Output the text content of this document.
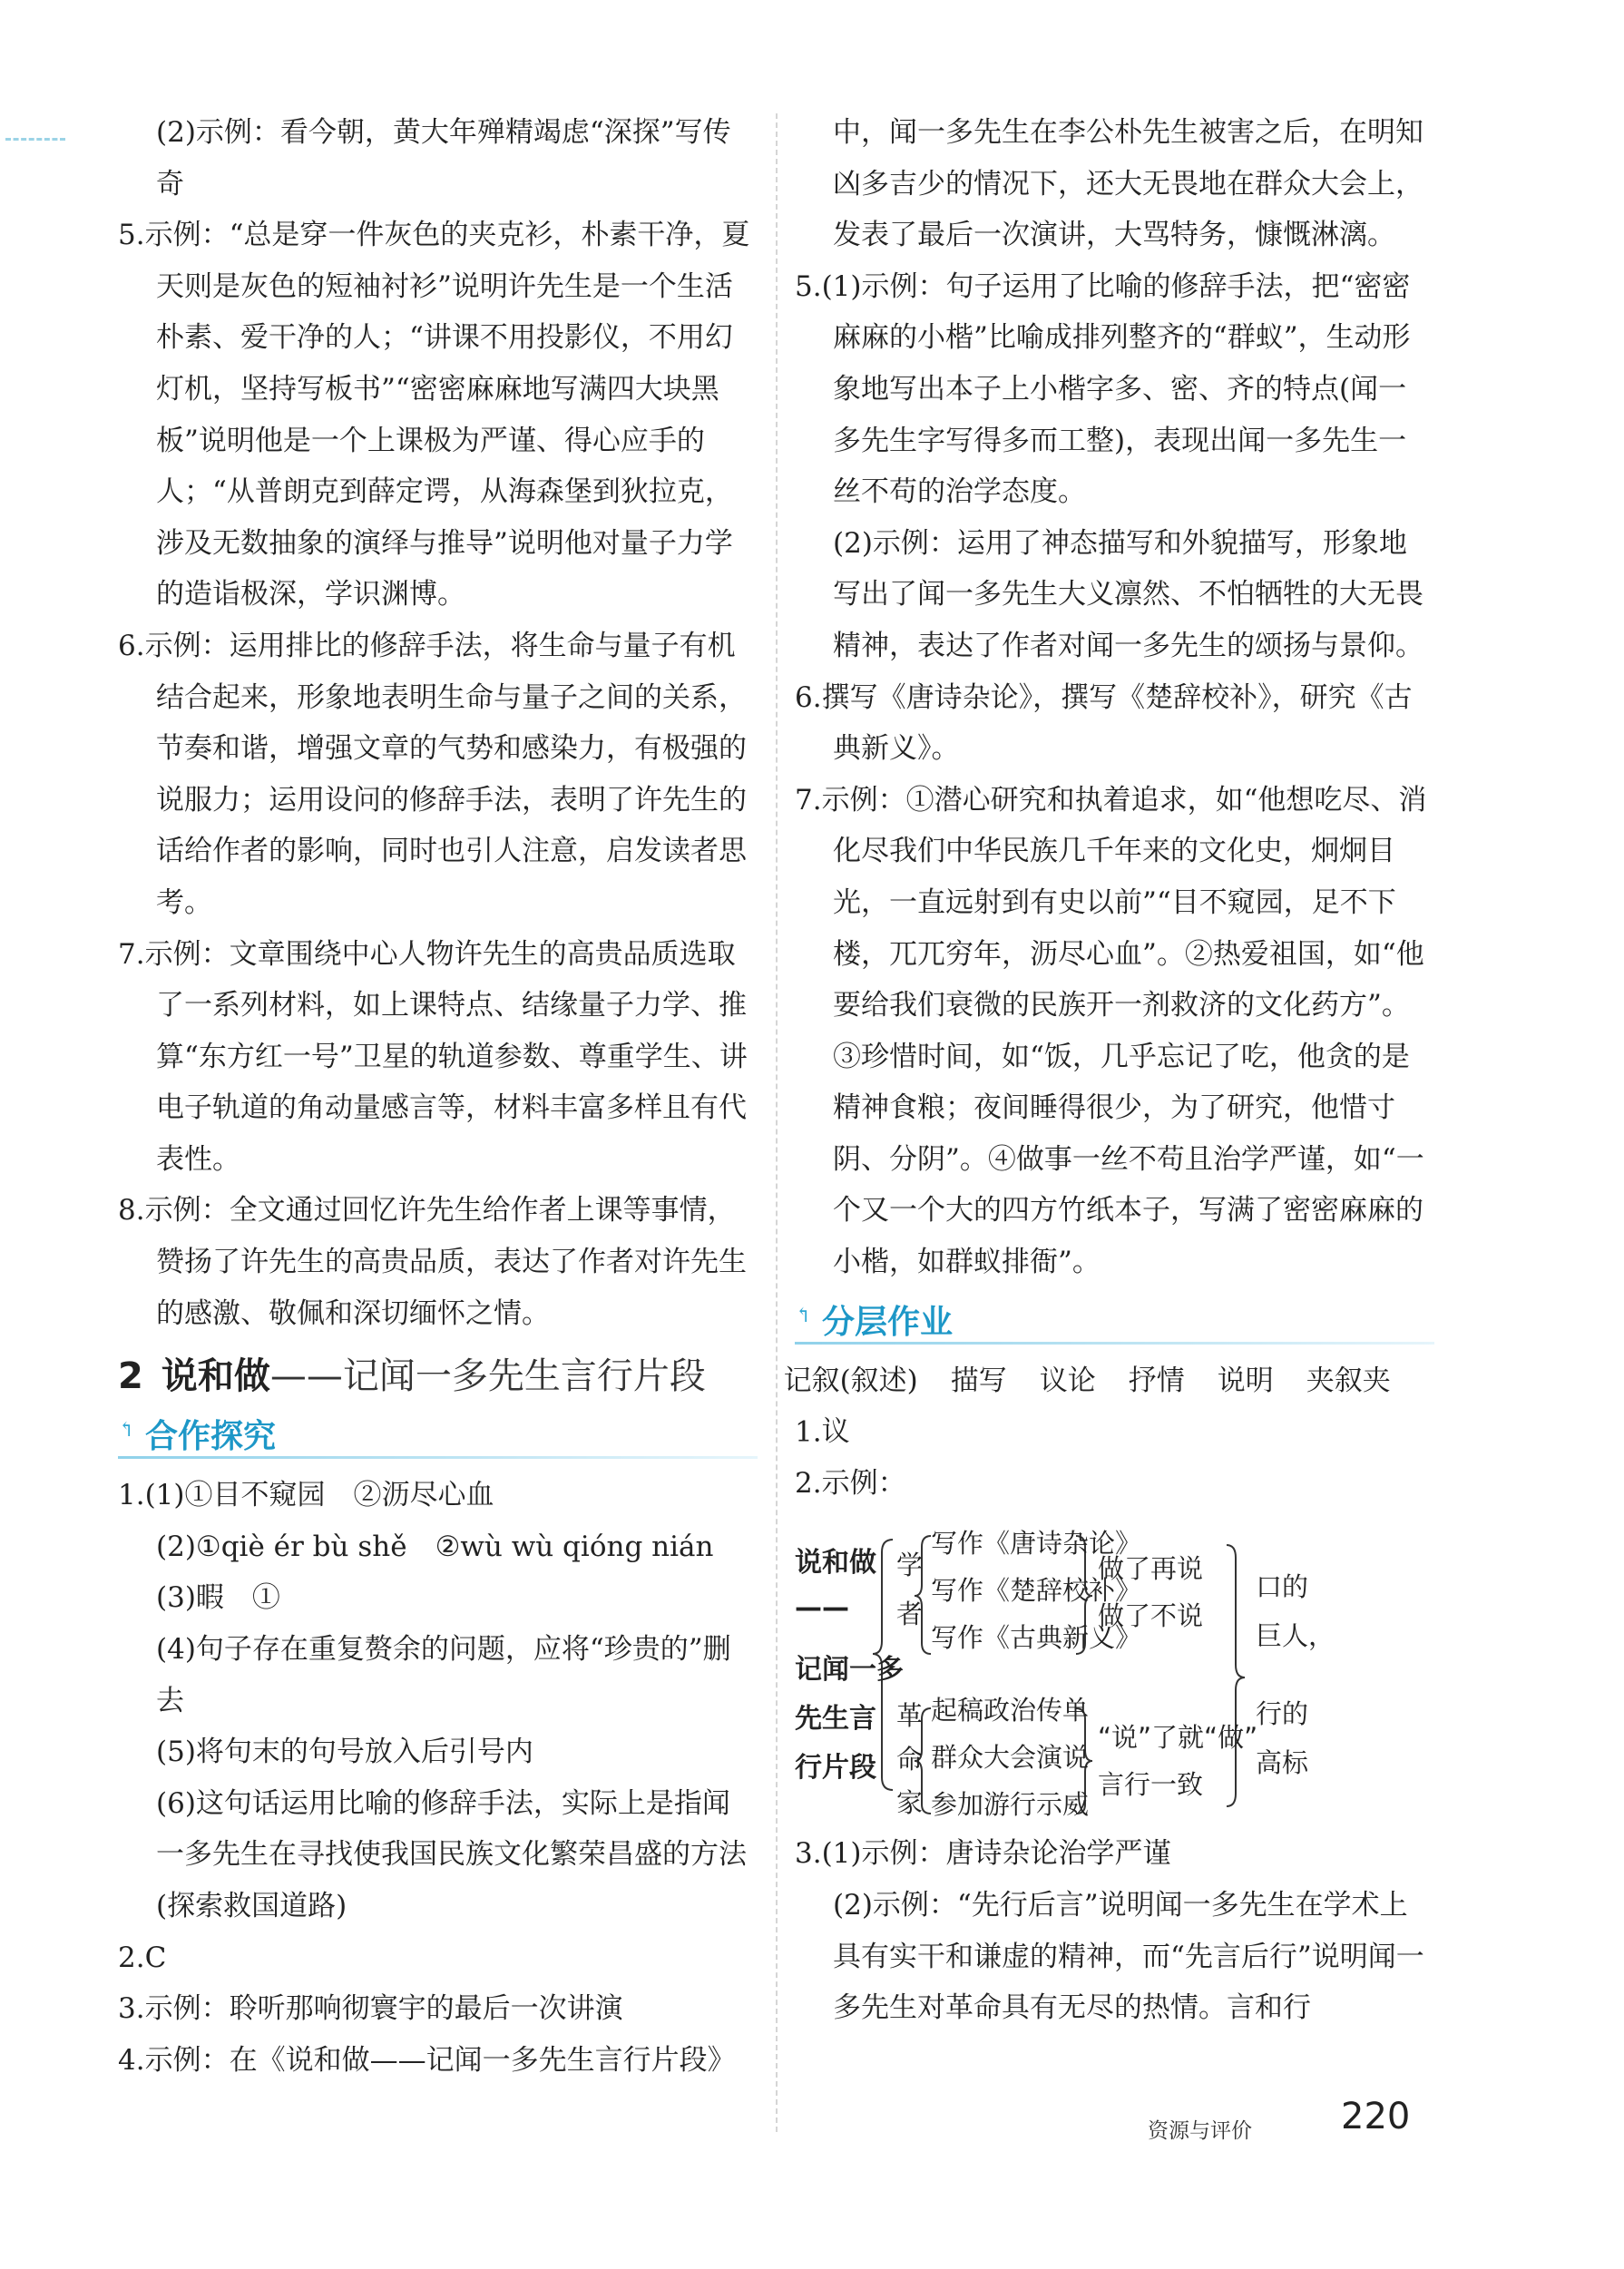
(2)示例：看今朝，黄大年殚精竭虑“深探”写传奇

5.示例：“总是穿一件灰色的夹克衫，朴素干净，夏天则是灰色的短袖衬衫”说明许先生是一个生活朴素、爱干净的人；“讲课不用投影仪，不用幻灯机，坚持写板书”“密密麻麻地写满四大块黑板”说明他是一个上课极为严谨、得心应手的人；“从普朗克到薛定谔，从海森堡到狄拉克，涉及无数抽象的演绎与推导”说明他对量子力学的造诣极深，学识渊博。

6.示例：运用排比的修辞手法，将生命与量子有机结合起来，形象地表明生命与量子之间的关系，节奏和谐，增强文章的气势和感染力，有极强的说服力；运用设问的修辞手法，表明了许先生的话给作者的影响，同时也引人注意，启发读者思考。

7.示例：文章围绕中心人物许先生的高贵品质选取了一系列材料，如上课特点、结缘量子力学、推算“东方红一号”卫星的轨道参数、尊重学生、讲电子轨道的角动量感言等，材料丰富多样且有代表性。

8.示例：全文通过回忆许先生给作者上课等事情，赞扬了许先生的高贵品质，表达了作者对许先生的感激、敬佩和深切缅怀之情。

2 说和做——记闻一多先生言行片段
↰ 合作探究

1.(1)①目不窥园　②沥尽心血

(2)①qiè ér bù shě　②wù wù qióng nián

(3)暇　①

(4)句子存在重复赘余的问题，应将“珍贵的”删去

(5)将句末的句号放入后引号内

(6)这句话运用比喻的修辞手法，实际上是指闻一多先生在寻找使我国民族文化繁荣昌盛的方法(探索救国道路)

2.C

3.示例：聆听那响彻寰宇的最后一次讲演

4.示例：在《说和做——记闻一多先生言行片段》

中，闻一多先生在李公朴先生被害之后，在明知凶多吉少的情况下，还大无畏地在群众大会上，发表了最后一次演讲，大骂特务，慷慨淋漓。

5.(1)示例：句子运用了比喻的修辞手法，把“密密麻麻的小楷”比喻成排列整齐的“群蚁”，生动形象地写出本子上小楷字多、密、齐的特点(闻一多先生字写得多而工整)，表现出闻一多先生一丝不苟的治学态度。

(2)示例：运用了神态描写和外貌描写，形象地写出了闻一多先生大义凛然、不怕牺牲的大无畏精神，表达了作者对闻一多先生的颂扬与景仰。

6.撰写《唐诗杂论》，撰写《楚辞校补》，研究《古典新义》。

7.示例：①潜心研究和执着追求，如“他想吃尽、消化尽我们中华民族几千年来的文化史，炯炯目光，一直远射到有史以前”“目不窥园，足不下楼，兀兀穷年，沥尽心血”。②热爱祖国，如“他要给我们衰微的民族开一剂救济的文化药方”。③珍惜时间，如“饭，几乎忘记了吃，他贪的是精神食粮；夜间睡得很少，为了研究，他惜寸阴、分阴”。④做事一丝不苟且治学严谨，如“一个又一个大的四方竹纸本子，写满了密密麻麻的小楷，如群蚁排衙”。

↰ 分层作业

1.记叙(叙述) 描写 议论 抒情 说明 夹叙夹议

2.示例：

说和做
——
记闻一多
先生言
行片段
学
者
革
命
家
写作《唐诗杂论》
写作《楚辞校补》
写作《古典新义》
起稿政治传单
群众大会演说
参加游行示威
做了再说
做了不说
“说”了就“做”
言行一致
口的
巨人，
行的
高标

3.(1)示例：唐诗杂论治学严谨

(2)示例：“先行后言”说明闻一多先生在学术上具有实干和谦虚的精神，而“先言后行”说明闻一多先生对革命具有无尽的热情。言和行

资源与评价 220
